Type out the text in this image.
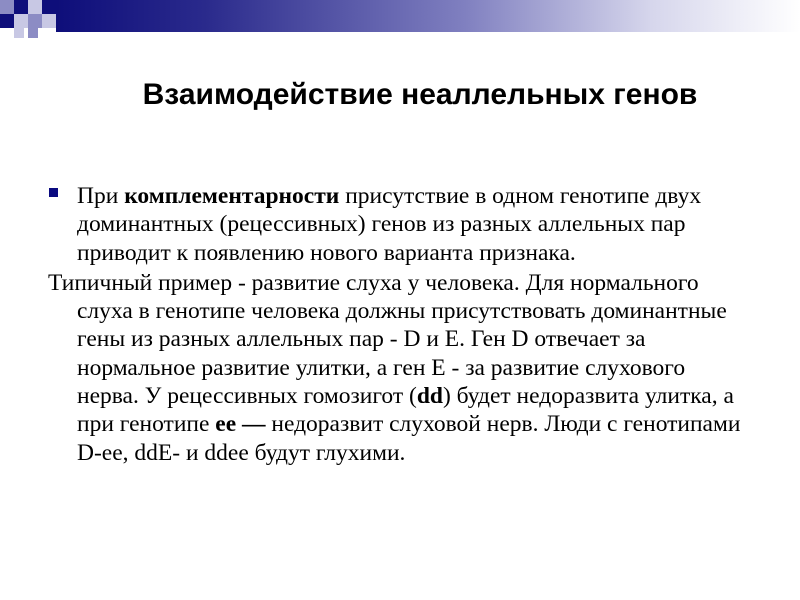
Взаимодействие неаллельных генов
При комплементарности присутствие в одном генотипе двух доминантных (рецессивных) генов из разных аллельных пар приводит к появлению нового варианта признака.
Типичный пример - развитие слуха у человека. Для нормального слуха в генотипе человека должны присутствовать доминантные гены из разных аллельных пар - D и E. Ген D отвечает за нормальное развитие улитки, а ген E - за развитие слухового нерва. У рецессивных гомозигот (dd) будет недоразвита улитка, а при генотипе ee — недоразвит слуховой нерв. Люди с генотипами D-ee, ddE- и ddee будут глухими.
